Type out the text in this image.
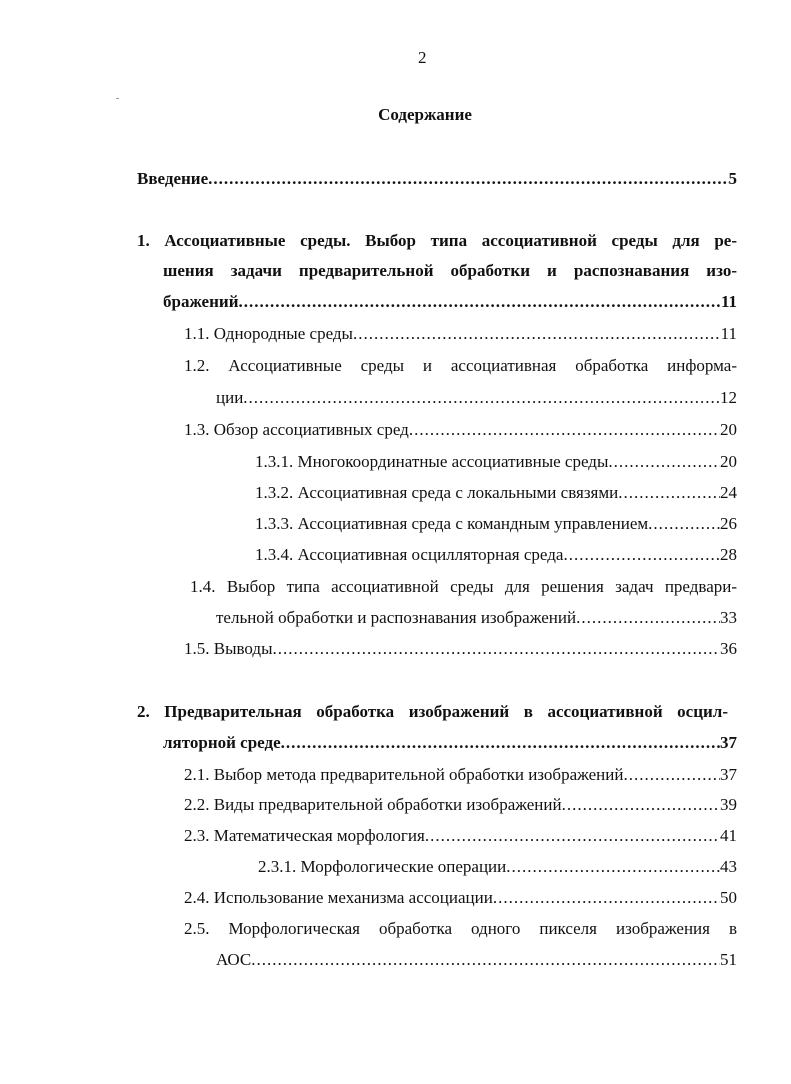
2
Содержание
Введение .....	5
1. Ассоциативные среды. Выбор типа ассоциативной среды для ре-
шения задачи предварительной обработки и распознавания изо-
бражений .....	11
1.1. Однородные среды .....	11
1.2. Ассоциативные среды и ассоциативная обработка информа-
ции .....	12
1.3. Обзор ассоциативных сред .....	20
1.3.1. Многокоординатные ассоциативные среды .....	20
1.3.2. Ассоциативная среда с локальными связями .....	24
1.3.3. Ассоциативная среда с командным управлением .....	26
1.3.4. Ассоциативная осцилляторная среда .....	28
1.4. Выбор типа ассоциативной среды для решения задач предвари-
тельной обработки и распознавания изображений .....	33
1.5. Выводы .....	36
2. Предварительная обработка изображений в ассоциативной осцил-
ляторной среде .....	37
2.1. Выбор метода предварительной обработки изображений .....	37
2.2. Виды предварительной обработки изображений .....	39
2.3. Математическая морфология .....	41
2.3.1. Морфологические операции .....	43
2.4. Использование механизма ассоциации .....	50
2.5. Морфологическая обработка одного пикселя изображения в
АОС .....	51
